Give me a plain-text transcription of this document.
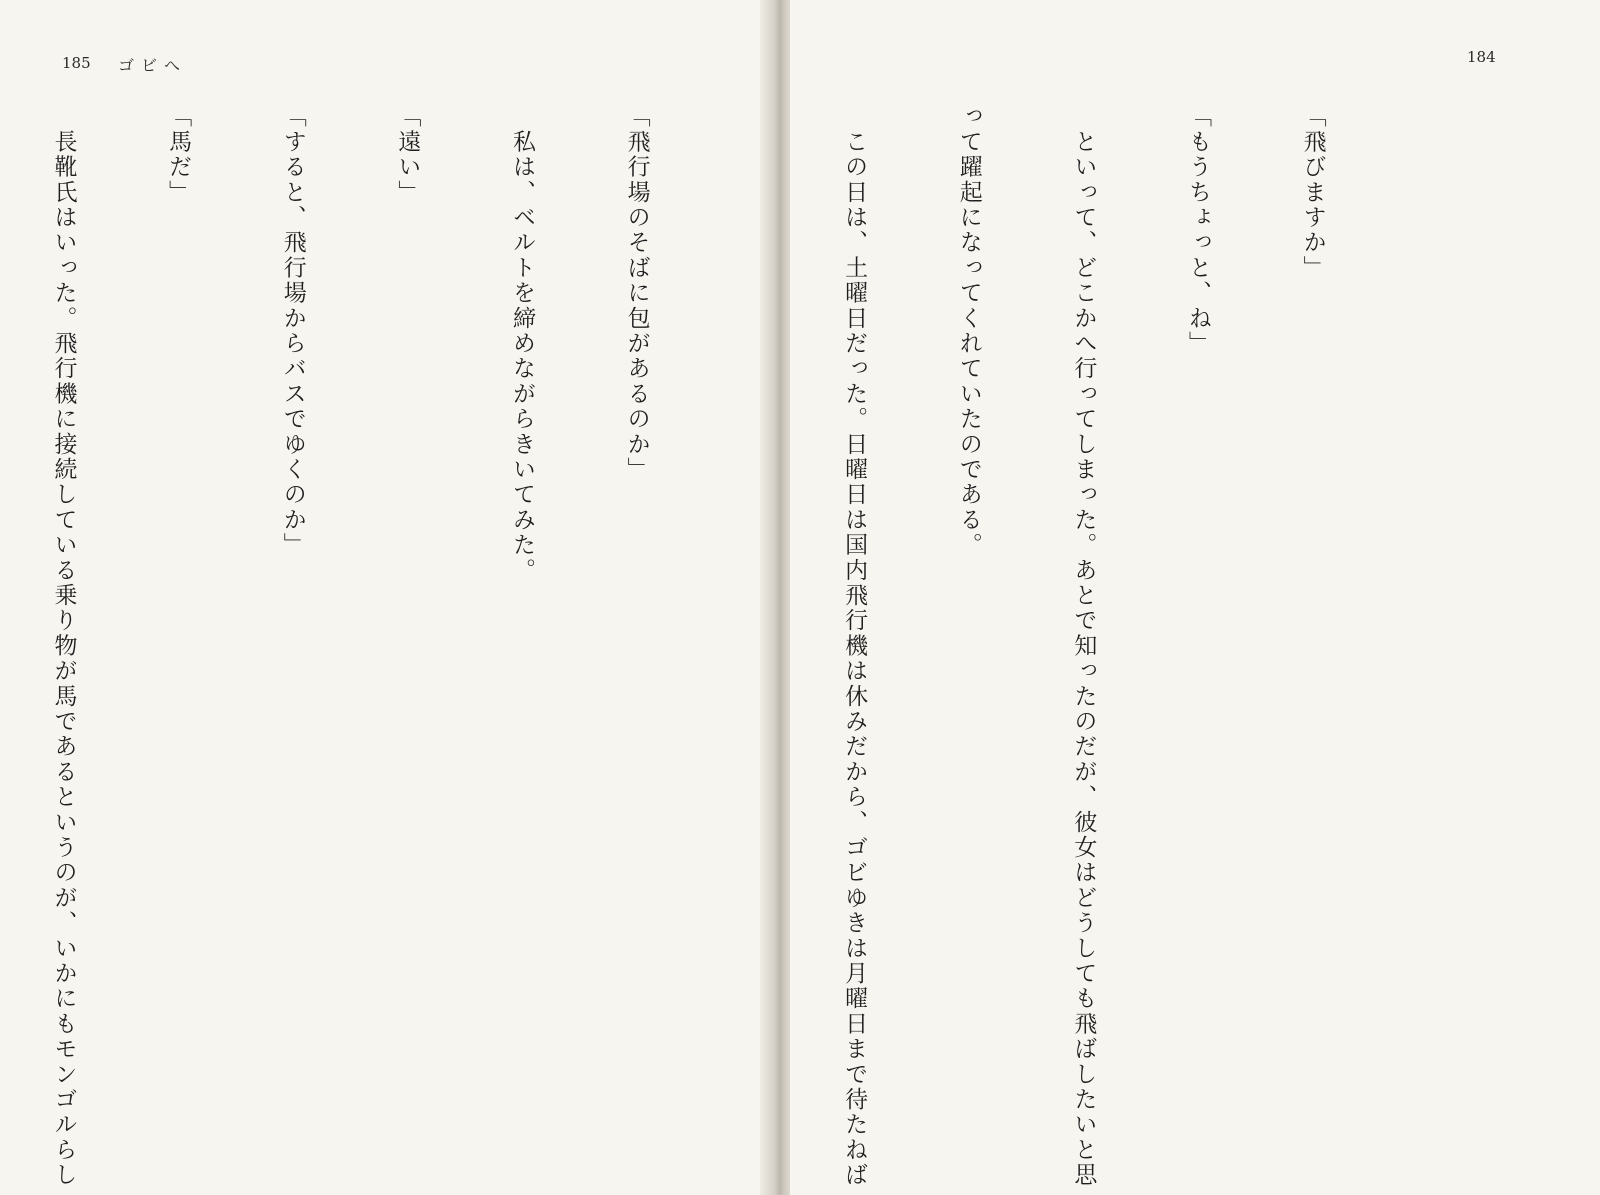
185 ゴビへ

「飛行場のそばに包があるのか」

　私は、ベルトを締めながらきいてみた。

「遠い」

「すると、飛行場からバスでゆくのか」

「馬だ」

　長靴氏はいった。飛行機に接続している乗り物が馬であるというのが、いかにもモンゴルらし

184

「飛びますか」

「もうちょっと、ね」

　といって、どこかへ行ってしまった。あとで知ったのだが、彼女はどうしても飛ばしたいと思

って躍起になってくれていたのである。

　この日は、土曜日だった。日曜日は国内飛行機は休みだから、ゴビゆきは月曜日まで待たねば
